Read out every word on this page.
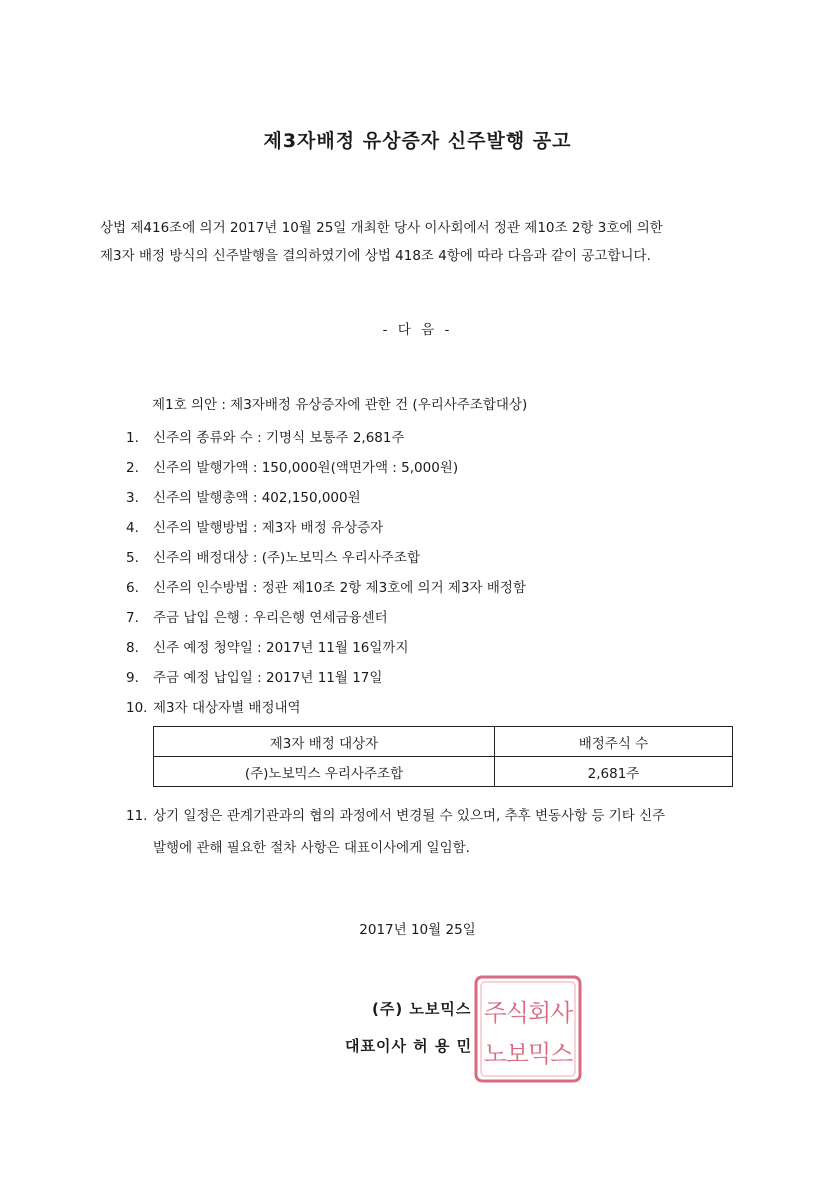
제3자배정 유상증자 신주발행 공고
상법 제416조에 의거 2017년 10월 25일 개최한 당사 이사회에서 정관 제10조 2항 3호에 의한
제3자 배정 방식의 신주발행을 결의하였기에 상법 418조 4항에 따라 다음과 같이 공고합니다.
- 다 음 -
제1호 의안 : 제3자배정 유상증자에 관한 건 (우리사주조합대상)
1. 신주의 종류와 수 : 기명식 보통주 2,681주
2. 신주의 발행가액 : 150,000원(액면가액 : 5,000원)
3. 신주의 발행총액 : 402,150,000원
4. 신주의 발행방법 : 제3자 배정 유상증자
5. 신주의 배정대상 : (주)노보믹스 우리사주조합
6. 신주의 인수방법 : 정관 제10조 2항 제3호에 의거 제3자 배정함
7. 주금 납입 은행 : 우리은행 연세금융센터
8. 신주 예정 청약일 : 2017년 11월 16일까지
9. 주금 예정 납입일 : 2017년 11월 17일
10. 제3자 대상자별 배정내역
제3자 배정 대상자	배정주식 수
(주)노보믹스 우리사주조합	2,681주
11. 상기 일정은 관계기관과의 협의 과정에서 변경될 수 있으며, 추후 변동사항 등 기타 신주
발행에 관해 필요한 절차 사항은 대표이사에게 일임함.
2017년 10월 25일
(주) 노보믹스
대표이사 허 용 민
주식회사
노보믹스
